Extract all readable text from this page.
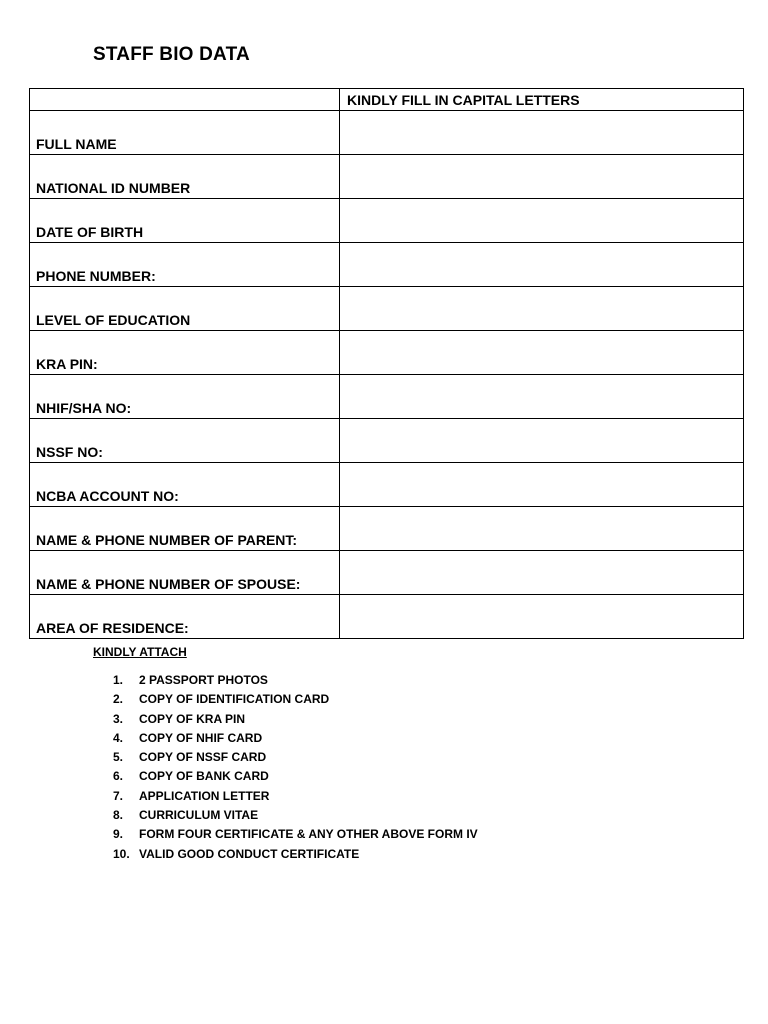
STAFF BIO DATA
	KINDLY FILL IN CAPITAL LETTERS
FULL NAME	
NATIONAL ID NUMBER	
DATE OF BIRTH	
PHONE NUMBER:	
LEVEL OF EDUCATION	
KRA PIN:	
NHIF/SHA NO:	
NSSF NO:	
NCBA ACCOUNT NO:	
NAME & PHONE NUMBER OF PARENT:	
NAME & PHONE NUMBER OF SPOUSE:	
AREA OF RESIDENCE:	
KINDLY ATTACH
1. 2 PASSPORT PHOTOS
2. COPY OF IDENTIFICATION CARD
3. COPY OF KRA PIN
4. COPY OF NHIF CARD
5. COPY OF NSSF CARD
6. COPY OF BANK CARD
7. APPLICATION LETTER
8. CURRICULUM VITAE
9. FORM FOUR CERTIFICATE & ANY OTHER ABOVE FORM IV
10. VALID GOOD CONDUCT CERTIFICATE
